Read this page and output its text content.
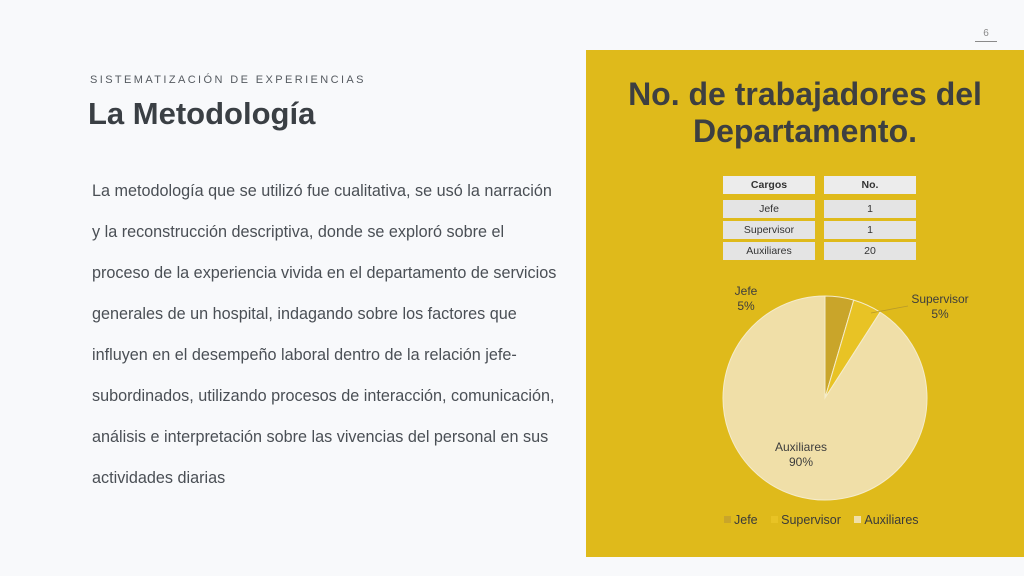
6
SISTEMATIZACIÓN DE EXPERIENCIAS
La Metodología

La metodología que se utilizó fue cualitativa, se usó la narración y la reconstrucción descriptiva, donde se exploró sobre el proceso de la experiencia vivida en el departamento de servicios generales de un hospital, indagando sobre los factores que influyen en el desempeño laboral dentro de la relación jefe- subordinados, utilizando procesos de interacción, comunicación, análisis e interpretación sobre las vivencias del personal en sus actividades diarias

No. de trabajadores del Departamento.
Cargos	No.
Jefe	1
Supervisor	1
Auxiliares	20
Jefe
5%	Supervisor
5%
Auxiliares
90%
Jefe Supervisor Auxiliares
